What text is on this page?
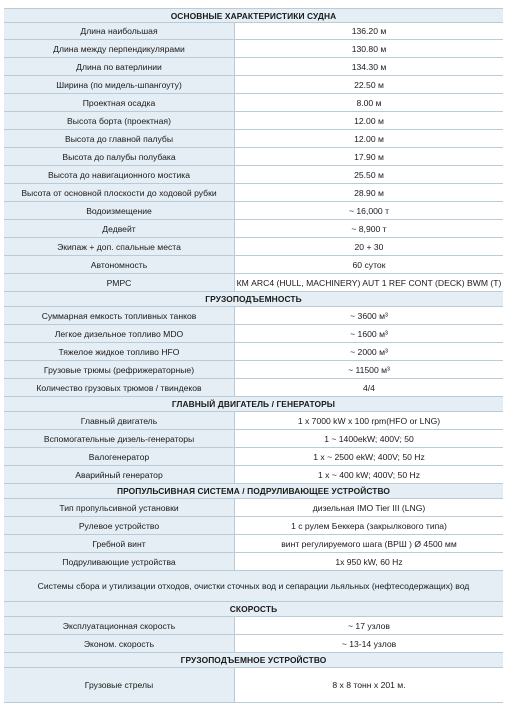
ОСНОВНЫЕ ХАРАКТЕРИСТИКИ СУДНА
Длина наибольшая	136.20 м
Длина между перпендикулярами	130.80 м
Длина по ватерлинии	134.30 м
Ширина (по мидель-шпангоуту)	22.50 м
Проектная осадка	8.00 м
Высота борта (проектная)	12.00 м
Высота до главной палубы	12.00 м
Высота до палубы полубака	17.90 м
Высота до навигационного мостика	25.50 м
Высота от основной плоскости до ходовой рубки	28.90 м
Водоизмещение	~ 16,000 т
Дедвейт	~ 8,900 т
Экипаж + доп. спальные места	20 + 30
Автономность	60 суток
РМРС	КМ ARC4 (HULL, MACHINERY) AUT 1 REF CONT (DECK) BWM (T)
ГРУЗОПОДЪЕМНОСТЬ
Суммарная емкость топливных танков	~ 3600 м³
Легкое дизельное топливо MDO	~ 1600 м³
Тяжелое жидкое топливо HFO	~ 2000 м³
Грузовые трюмы (рефрижераторные)	~ 11500 м³
Количество грузовых трюмов / твиндеков	4/4
ГЛАВНЫЙ ДВИГАТЕЛЬ / ГЕНЕРАТОРЫ
Главный двигатель	1 x 7000 kW x 100 rpm(HFO or LNG)
Вспомогательные дизель-генераторы	1 ~ 1400ekW; 400V; 50
Валогенератор	1 x ~ 2500 ekW; 400V; 50 Hz
Аварийный генератор	1 x ~ 400 kW; 400V; 50 Hz
ПРОПУЛЬСИВНАЯ СИСТЕМА / ПОДРУЛИВАЮЩЕЕ УСТРОЙСТВО
Тип пропульсивной установки	дизельная IMO Tier III (LNG)
Рулевое устройство	1 с рулем Беккера (закрылкового типа)
Гребной винт	винт регулируемого шага (ВРШ ) Ø 4500 мм
Подруливающие устройства	1x 950 kW, 60 Hz
Системы сбора и утилизации отходов, очистки сточных вод и сепарации льяльных (нефтесодержащих) вод
СКОРОСТЬ
Эксплуатационная скорость	~ 17 узлов
Эконом. скорость	~ 13-14 узлов
ГРУЗОПОДЪЕМНОЕ УСТРОЙСТВО
Грузовые стрелы	8 x 8 тонн x 201 м.
